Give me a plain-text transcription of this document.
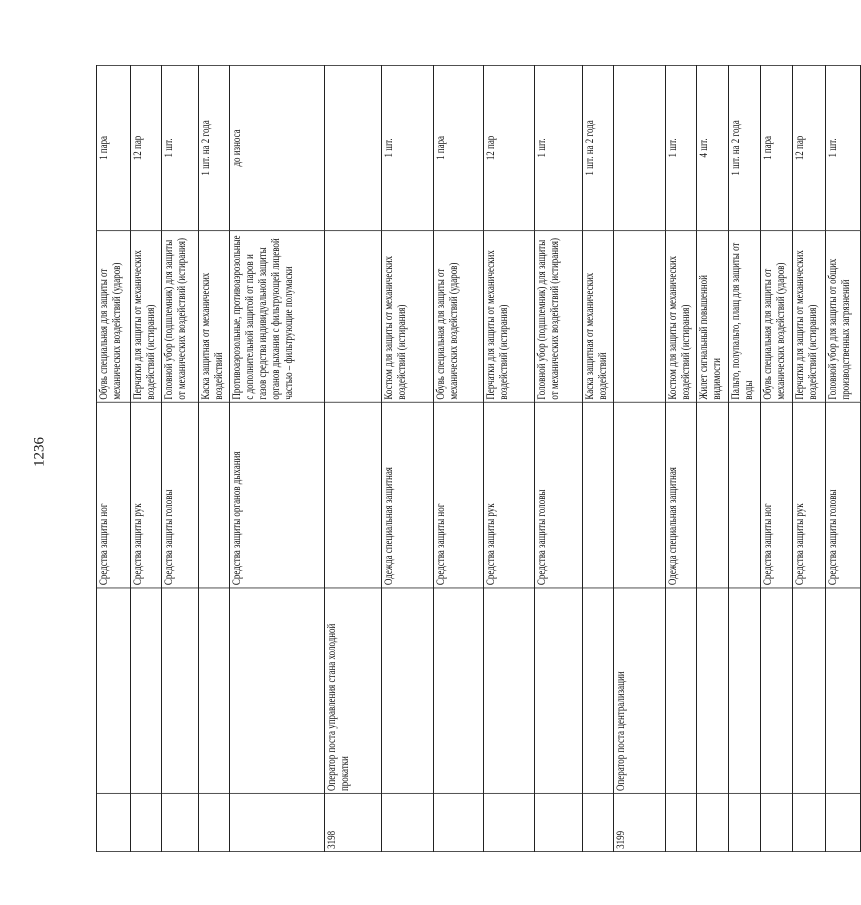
1236
		Средства защиты ног	Обувь специальная для защиты от механических воздействий (ударов)	1 пара
		Средства защиты рук	Перчатки для защиты от механических воздействий (истирания)	12 пар
		Средства защиты головы	Головной убор (подшлемник) для защиты от механических воздействий (истирания)	1 шт.
			Каска защитная от механических воздействий	1 шт. на 2 года
		Средства защиты органов дыхания	Противоаэрозольные, противоаэрозольные с дополнительной защитой от паров и газов средства индивидуальной защиты органов дыхания с фильтрующей лицевой частью – фильтрующие полумаски	до износа
3198	Оператор поста управления стана холодной прокатки			
		Одежда специальная защитная	Костюм для защиты от механических воздействий (истирания)	1 шт.
		Средства защиты ног	Обувь специальная для защиты от механических воздействий (ударов)	1 пара
		Средства защиты рук	Перчатки для защиты от механических воздействий (истирания)	12 пар
		Средства защиты головы	Головной убор (подшлемник) для защиты от механических воздействий (истирания)	1 шт.
			Каска защитная от механических воздействий	1 шт. на 2 года
3199	Оператор поста централизации			
		Одежда специальная защитная	Костюм для защиты от механических воздействий (истирания)	1 шт.
			Жилет сигнальный повышенной видимости	4 шт.
			Пальто, полупальто, плащ для защиты от воды	1 шт. на 2 года
		Средства защиты ног	Обувь специальная для защиты от механических воздействий (ударов)	1 пара
		Средства защиты рук	Перчатки для защиты от механических воздействий (истирания)	12 пар
		Средства защиты головы	Головной убор для защиты от общих производственных загрязнений	1 шт.
